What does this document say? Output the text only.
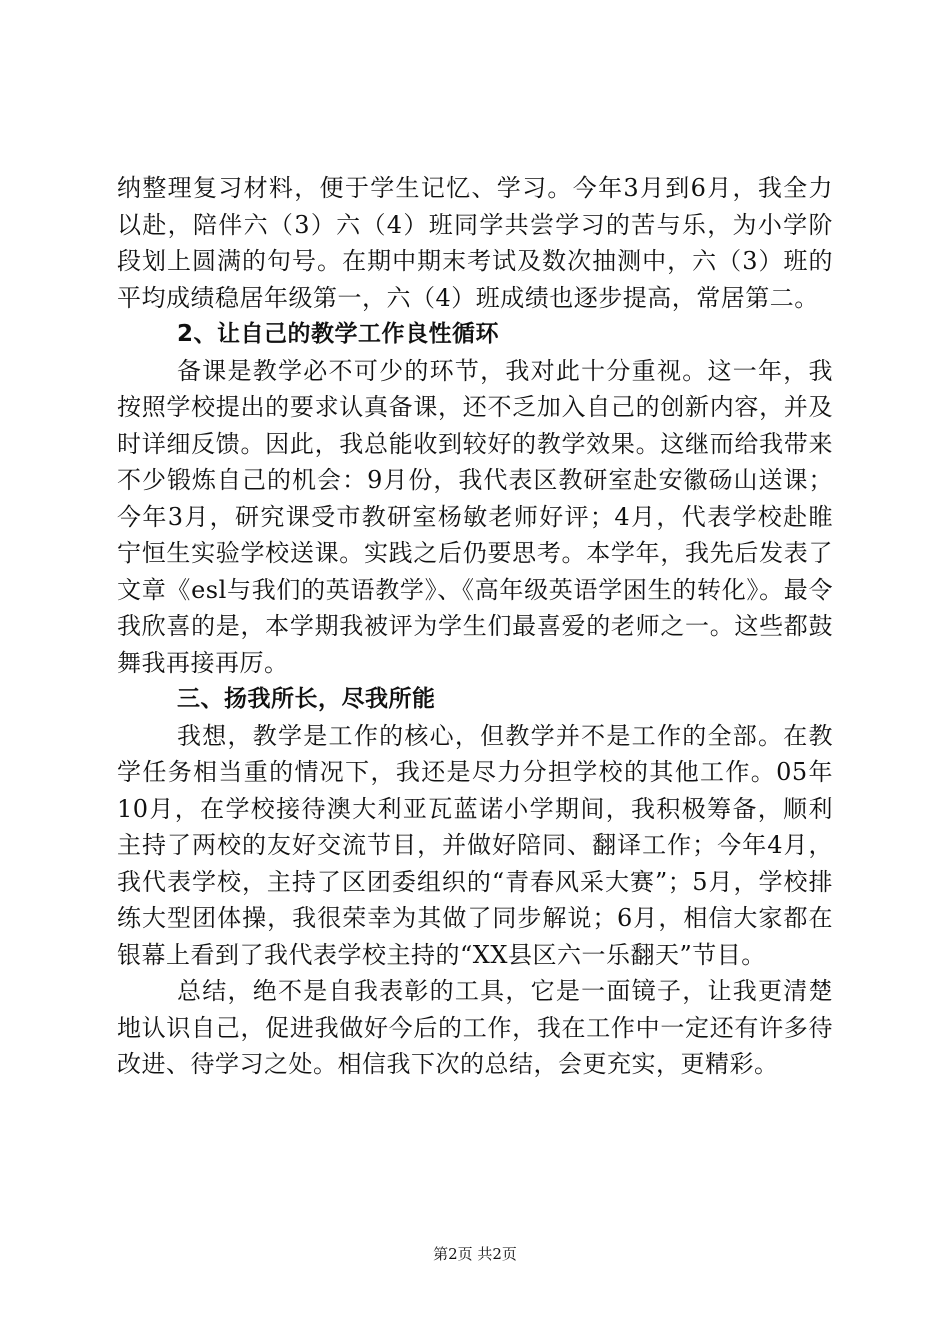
纳整理复习材料，便于学生记忆、学习。今年3月到6月，我全力以赴，陪伴六（3）六（4）班同学共尝学习的苦与乐，为小学阶段划上圆满的句号。在期中期末考试及数次抽测中，六（3）班的平均成绩稳居年级第一，六（4）班成绩也逐步提高，常居第二。

2、让自己的教学工作良性循环

备课是教学必不可少的环节，我对此十分重视。这一年，我按照学校提出的要求认真备课，还不乏加入自己的创新内容，并及时详细反馈。因此，我总能收到较好的教学效果。这继而给我带来不少锻炼自己的机会：9月份，我代表区教研室赴安徽砀山送课；今年3月，研究课受市教研室杨敏老师好评；4月，代表学校赴睢宁恒生实验学校送课。实践之后仍要思考。本学年，我先后发表了文章《esl与我们的英语教学》、《高年级英语学困生的转化》。最令我欣喜的是，本学期我被评为学生们最喜爱的老师之一。这些都鼓舞我再接再厉。

三、扬我所长，尽我所能

我想，教学是工作的核心，但教学并不是工作的全部。在教学任务相当重的情况下，我还是尽力分担学校的其他工作。05年10月，在学校接待澳大利亚瓦蓝诺小学期间，我积极筹备，顺利主持了两校的友好交流节目，并做好陪同、翻译工作；今年4月，我代表学校，主持了区团委组织的“青春风采大赛”；5月，学校排练大型团体操，我很荣幸为其做了同步解说；6月，相信大家都在银幕上看到了我代表学校主持的“XX县区六一乐翻天”节目。

总结，绝不是自我表彰的工具，它是一面镜子，让我更清楚地认识自己，促进我做好今后的工作，我在工作中一定还有许多待改进、待学习之处。相信我下次的总结，会更充实，更精彩。

第2页 共2页
